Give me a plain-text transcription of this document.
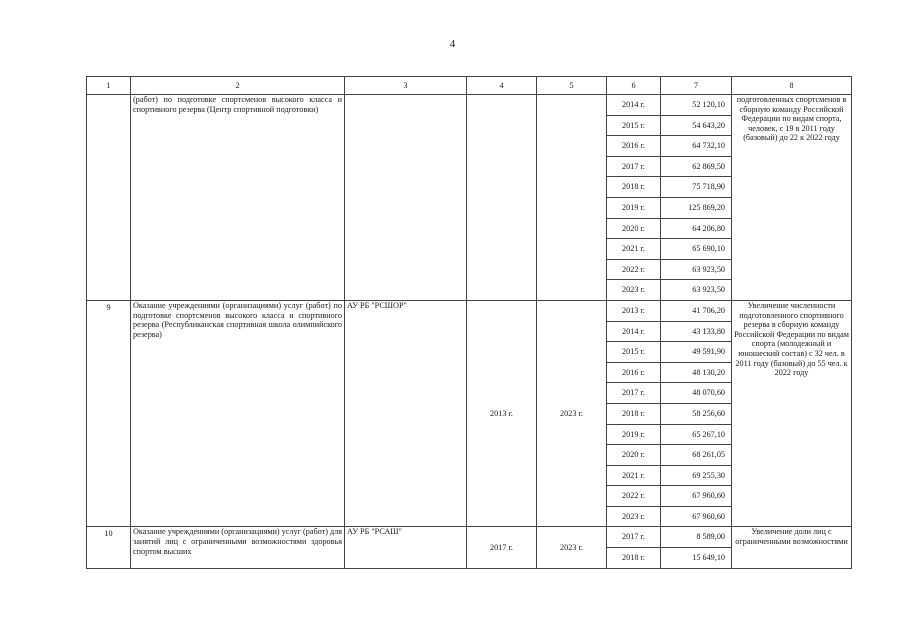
4
1	2	3	4	5	6	7	8
	(работ) по подготовке спортсменов высокого класса и спортивного резерва (Центр спортивной подготовки)				2014 г.	52 120,10	подготовленных спортсменов в сборную команду Российской Федерации по видам спорта, человек, с 19 в 2011 году (базовый) до 22 к 2022 году
					2015 г.	54 643,20	
					2016 г.	64 732,10	
					2017 г.	62 869,50	
					2018 г.	75 718,90	
					2019 г.	125 869,20	
					2020 г.	64 206,80	
					2021 г.	65 690,10	
					2022 г.	63 923,50	
					2023 г.	63 923,50	
9	Оказание учреждениями (организациями) услуг (работ) по подготовке спортсменов высокого класса и спортивного резерва (Республиканская спортивная школа олимпийского резерва)	АУ РБ "РСШОР"	2013 г.	2023 г.	2013 г.	41 706,20	Увеличение численности подготовленного спортивного резерва в сборную команду Российской Федерации по видам спорта (молодежный и юношеский состав) с 32 чел. в 2011 году (базовый) до 55 чел. к 2022 году
					2014 г.	43 133,80	
					2015 г.	49 591,90	
					2016 г.	48 130,20	
					2017 г.	48 070,60	
					2018 г.	58 256,60	
					2019 г.	65 267,10	
					2020 г.	68 261,05	
					2021 г.	69 255,30	
					2022 г.	67 960,60	
					2023 г.	67 960,60	
10	Оказание учреждениями (организациями) услуг (работ) для занятий лиц с ограниченными возможностями здоровья спортом высших	АУ РБ "РСАШ"	2017 г.	2023 г.	2017 г.	8 589,00	Увеличение доли лиц с ограниченными возможностями
					2018 г.	15 649,10	
